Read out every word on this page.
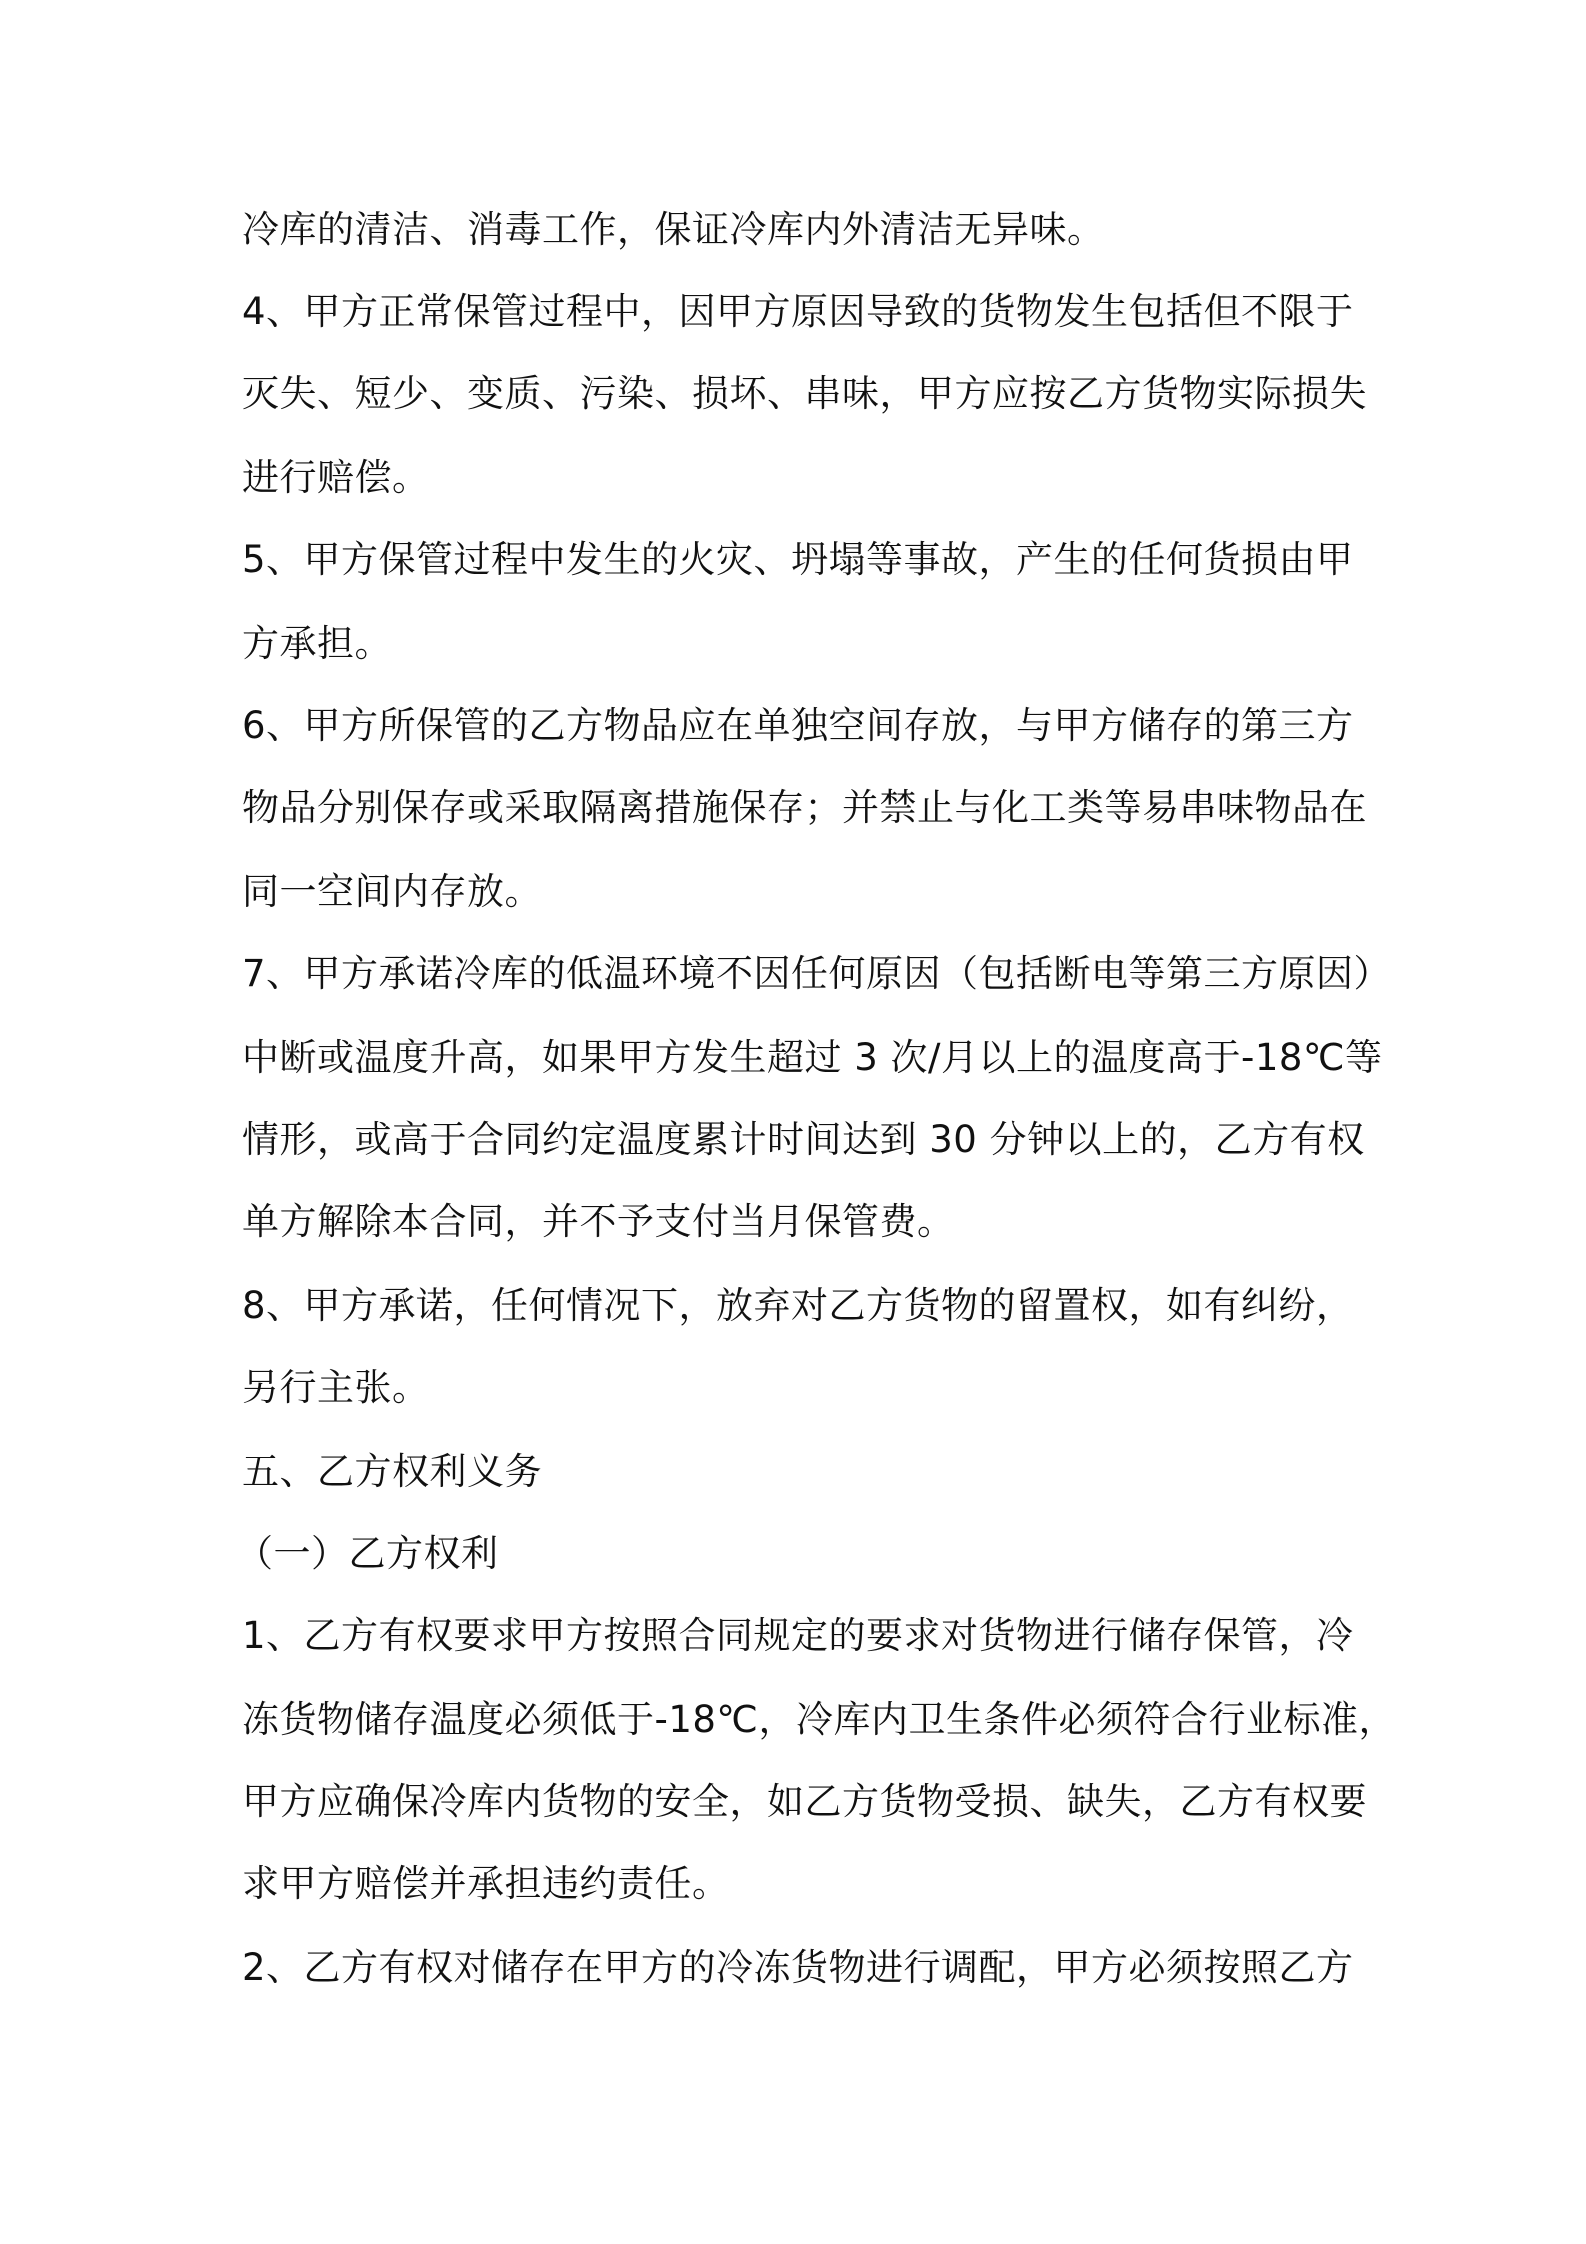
冷库的清洁、消毒工作，保证冷库内外清洁无异味。

4、甲方正常保管过程中，因甲方原因导致的货物发生包括但不限于

灭失、短少、变质、污染、损坏、串味，甲方应按乙方货物实际损失

进行赔偿。

5、甲方保管过程中发生的火灾、坍塌等事故，产生的任何货损由甲

方承担。

6、甲方所保管的乙方物品应在单独空间存放，与甲方储存的第三方

物品分别保存或采取隔离措施保存；并禁止与化工类等易串味物品在

同一空间内存放。

7、甲方承诺冷库的低温环境不因任何原因（包括断电等第三方原因）

中断或温度升高，如果甲方发生超过 3 次/月以上的温度高于-18℃等

情形，或高于合同约定温度累计时间达到 30 分钟以上的，乙方有权

单方解除本合同，并不予支付当月保管费。

8、甲方承诺，任何情况下，放弃对乙方货物的留置权，如有纠纷，

另行主张。

五、乙方权利义务

（一）乙方权利

1、乙方有权要求甲方按照合同规定的要求对货物进行储存保管，冷

冻货物储存温度必须低于-18℃，冷库内卫生条件必须符合行业标准，

甲方应确保冷库内货物的安全，如乙方货物受损、缺失，乙方有权要

求甲方赔偿并承担违约责任。

2、乙方有权对储存在甲方的冷冻货物进行调配，甲方必须按照乙方
